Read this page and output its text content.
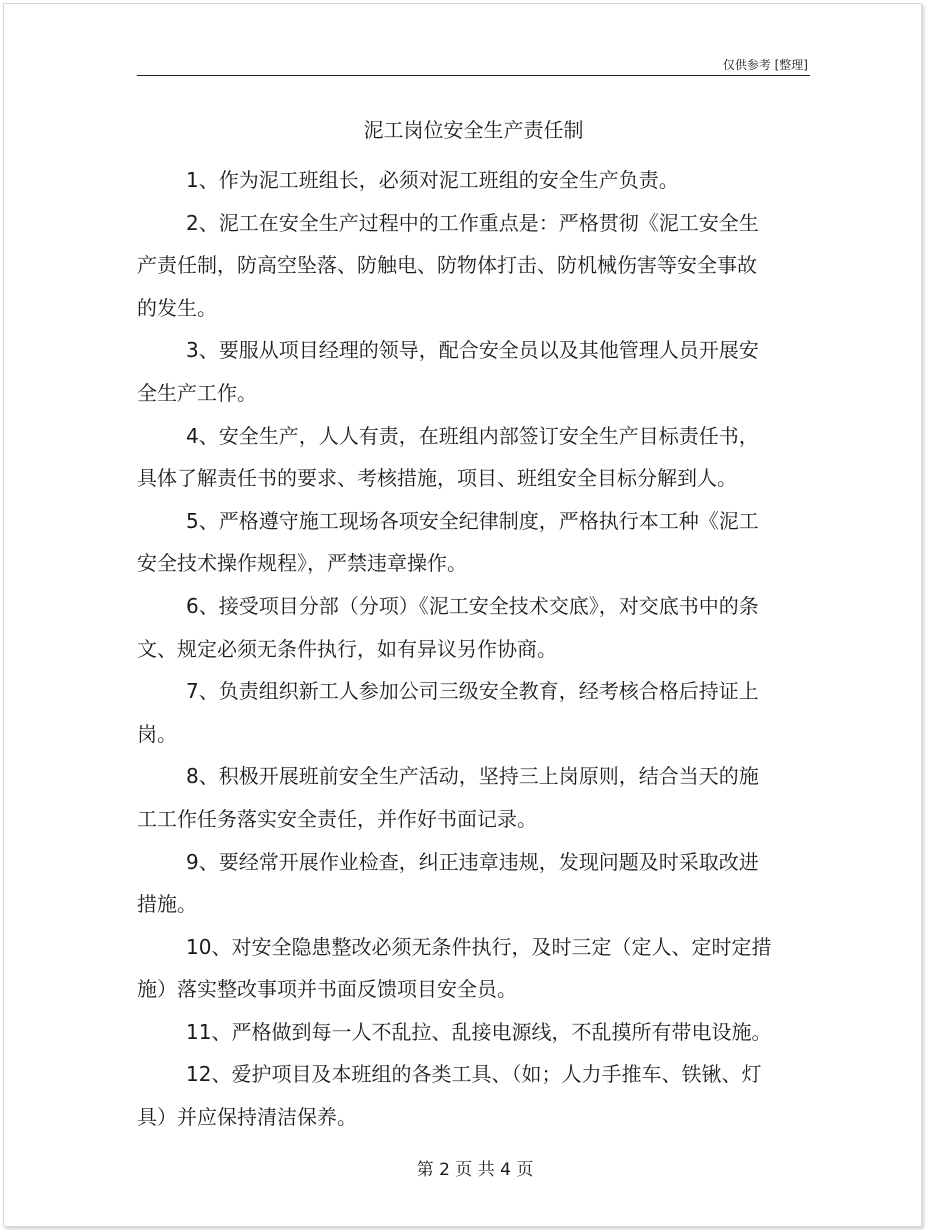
仅供参考 [整理]
泥工岗位安全生产责任制

1、作为泥工班组长，必须对泥工班组的安全生产负责。

2、泥工在安全生产过程中的工作重点是：严格贯彻《泥工安全生
产责任制，防高空坠落、防触电、防物体打击、防机械伤害等安全事故
的发生。

3、要服从项目经理的领导，配合安全员以及其他管理人员开展安
全生产工作。

4、安全生产，人人有责，在班组内部签订安全生产目标责任书，
具体了解责任书的要求、考核措施，项目、班组安全目标分解到人。

5、严格遵守施工现场各项安全纪律制度，严格执行本工种《泥工
安全技术操作规程》，严禁违章操作。

6、接受项目分部（分项）《泥工安全技术交底》，对交底书中的条
文、规定必须无条件执行，如有异议另作协商。

7、负责组织新工人参加公司三级安全教育，经考核合格后持证上
岗。

8、积极开展班前安全生产活动，坚持三上岗原则，结合当天的施
工工作任务落实安全责任，并作好书面记录。

9、要经常开展作业检查，纠正违章违规，发现问题及时采取改进
措施。

10、对安全隐患整改必须无条件执行，及时三定（定人、定时定措
施）落实整改事项并书面反馈项目安全员。

11、严格做到每一人不乱拉、乱接电源线，不乱摸所有带电设施。

12、爱护项目及本班组的各类工具、（如；人力手推车、铁锹、灯
具）并应保持清洁保养。

第 2 页 共 4 页
